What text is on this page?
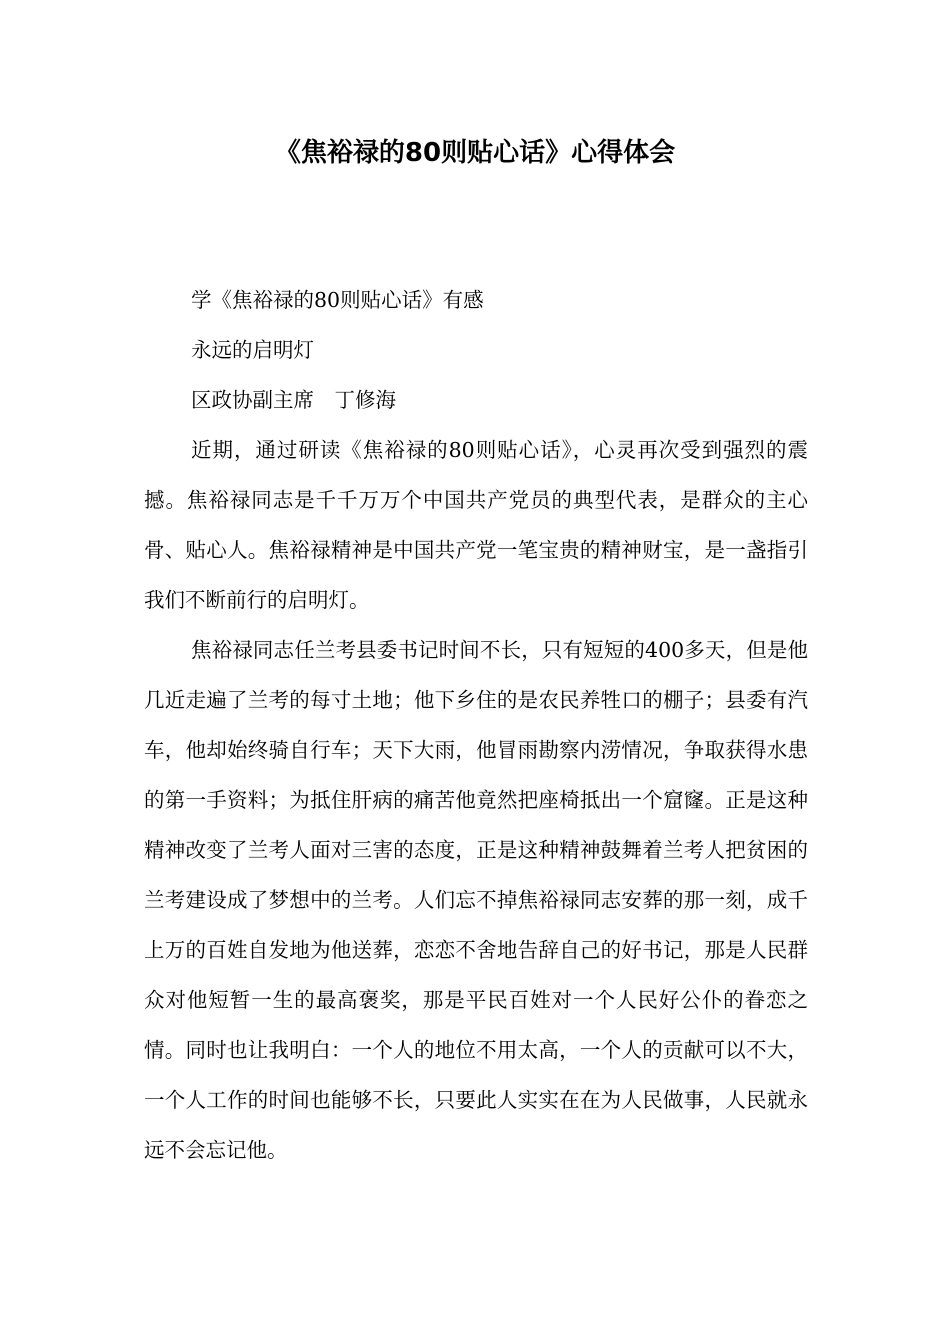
《焦裕禄的80则贴心话》心得体会

学《焦裕禄的80则贴心话》有感

永远的启明灯

区政协副主席　丁修海

近期，通过研读《焦裕禄的80则贴心话》，心灵再次受到强烈的震撼。焦裕禄同志是千千万万个中国共产党员的典型代表，是群众的主心骨、贴心人。焦裕禄精神是中国共产党一笔宝贵的精神财宝，是一盏指引我们不断前行的启明灯。

焦裕禄同志任兰考县委书记时间不长，只有短短的400多天，但是他几近走遍了兰考的每寸土地；他下乡住的是农民养牲口的棚子；县委有汽车，他却始终骑自行车；天下大雨，他冒雨勘察内涝情况，争取获得水患的第一手资料；为抵住肝病的痛苦他竟然把座椅抵出一个窟窿。正是这种精神改变了兰考人面对三害的态度，正是这种精神鼓舞着兰考人把贫困的兰考建设成了梦想中的兰考。人们忘不掉焦裕禄同志安葬的那一刻，成千上万的百姓自发地为他送葬，恋恋不舍地告辞自己的好书记，那是人民群众对他短暂一生的最高褒奖，那是平民百姓对一个人民好公仆的眷恋之情。同时也让我明白：一个人的地位不用太高，一个人的贡献可以不大，一个人工作的时间也能够不长，只要此人实实在在为人民做事，人民就永远不会忘记他。
